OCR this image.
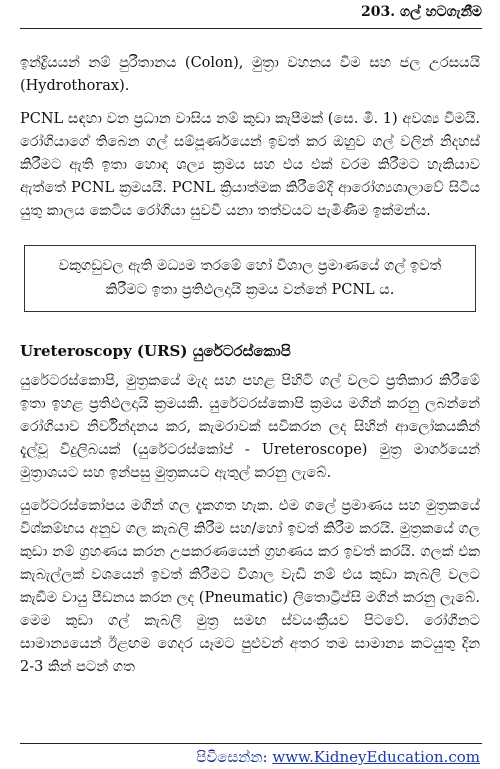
203. ගල් හටගැනීම

ඉන්ද්‍රියයන් නම් පුරීතානය (Colon), මුත්‍රා වහනය වීම සහ ජල උරසයයි (Hydrothorax).

PCNL සඳහා වන ප්‍රධාන වාසිය නම් කුඩා කැපීමක් (සෙ. මී. 1) අවශ්‍ය වීමයි. රෝගියාගේ තිබෙන ගල් සම්පූර්ණයෙන් ඉවත් කර ඔහුව ගල් වලින් නිදහස් කිරීමට ඇති ඉතා හොඳ ශල්‍ය ක්‍රමය සහ එය එක් වරම කිරීමට හැකියාව ඇත්තේ PCNL ක්‍රමයයි. PCNL ක්‍රියාත්මක කිරීමේදී ආරෝග්‍යශාලාවේ සිටිය යුතු කාලය කෙටිය රෝගියා සුවවී යනා තත්වයට පැමිණීම ඉක්මන්ය.

වකුගඩුවල ඇති මධ්‍යම තරමේ හෝ විශාල ප්‍රමාණයේ ගල් ඉවත් කිරීමට ඉතා ප්‍රතිඵලදායි ක්‍රමය වන්නේ PCNL ය.
Ureteroscopy (URS) යුරේටරස්කොපි

යුරේටරස්කොපි, මුත්‍රකයේ මැද සහ පහළ පිහිටි ගල් වලට ප්‍රතිකාර කිරීමේ ඉතා ඉහළ ප්‍රතිඵලදායි ක්‍රමයකි. යුරේටරස්කොපි ක්‍රමය මගින් කරනු ලබන්නේ රෝගියාව නිර්වින්දනය කර, කැමරාවක් සවිකරන ලද සිහින් ආලෝකයකින් දැල්වූ විදුලිබයක් (යුරේටරස්කෝප් - Ureteroscope) මුත්‍ර මාර්ගයෙන් මුත්‍රාශයට සහ ඉන්පසු මුත්‍රකයට ඇතුල් කරනු ලැබේ.

යුරේටරස්කෝපය මගින් ගල දැකගත හැක. එම ගලේ ප්‍රමාණය සහ මුත්‍රකයේ විශ්කම්භය අනුව ගල කැබලි කිරීම සහ/හෝ ඉවත් කිරීම කරයි. මුත්‍රකයේ ගල කුඩා නම් ග්‍රහණය කරන උපකරණයෙන් ග්‍රහණය කර ඉවත් කරයි. ගලක් එක කැබැල්ලක් වශයෙන් ඉවත් කිරීමට විශාල වැඩි නම් එය කුඩා කැබලි වලට කැඞීම වායු පීඩනය කරන ලද (Pneumatic) ලිතොට්‍රිප්සි මගින් කරනු ලැබේ. මෙම කුඩා ගල් කැබලි මුත්‍ර සමඟ ස්වයංක්‍රීයව පිටවේ. රෝගීනට සාමාන්‍යයෙන් ඊළඟම ගෙදර යෑමට පුළුවන් අතර තම සාමාන්‍ය කටයුතු දින 2-3 කින් පටන් ගත

පිවිසෙන්න: www.KidneyEducation.com
